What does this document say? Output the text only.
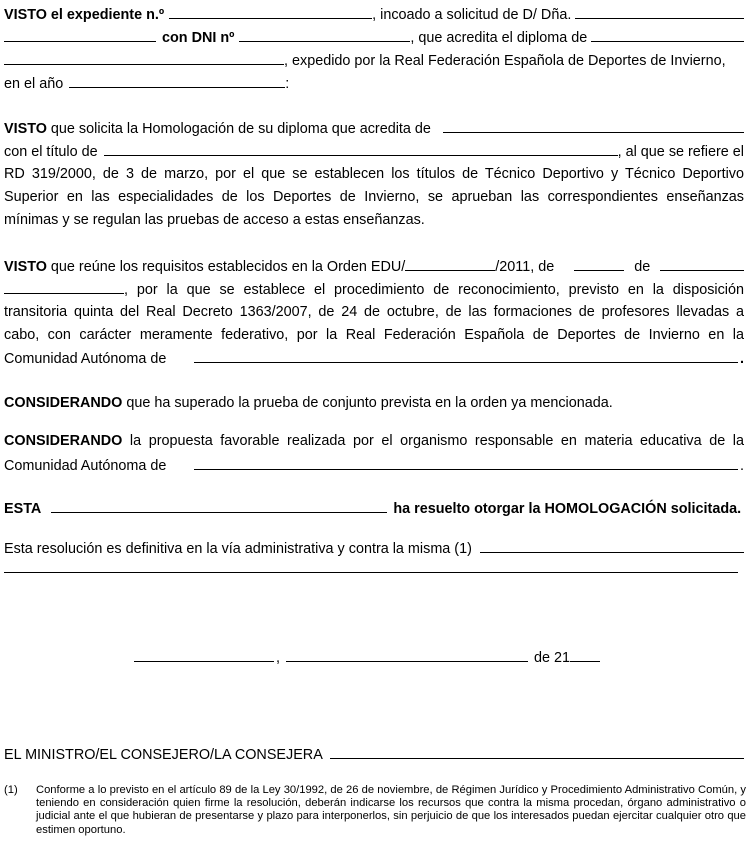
VISTO el expediente n.º	, incoado a solicitud de D/ Dña.
con DNI nº	, que acredita el diploma de
, expedido por la Real Federación Española de Deportes de Invierno,
en el año	:
VISTO que solicita la Homologación de su diploma que acredita de
con el título de	, al que se refiere el
RD 319/2000, de 3 de marzo, por el que se establecen los títulos de Técnico Deportivo y Técnico Deportivo
Superior en las especialidades de los Deportes de Invierno, se aprueban las correspondientes enseñanzas
mínimas y se regulan las pruebas de acceso a estas enseñanzas.
VISTO que reúne los requisitos establecidos en la Orden EDU/	/2011, de	de
, por la que se establece el procedimiento de reconocimiento, previsto en la disposición
transitoria quinta del Real Decreto 1363/2007, de 24 de octubre, de las formaciones de profesores llevadas a
cabo, con carácter meramente federativo, por la Real Federación Española de Deportes de Invierno en la
Comunidad Autónoma de	.
CONSIDERANDO que ha superado la prueba de conjunto prevista en la orden ya mencionada.
CONSIDERANDO la propuesta favorable realizada por el organismo responsable en materia educativa de la
Comunidad Autónoma de	.
ESTA	ha resuelto otorgar la HOMOLOGACIÓN solicitada.
Esta resolución es definitiva en la vía administrativa y contra la misma (1)
,	de 21
EL MINISTRO/EL CONSEJERO/LA CONSEJERA
(1) Conforme a lo previsto en el artículo 89 de la Ley 30/1992, de 26 de noviembre, de Régimen Jurídico y Procedimiento Administrativo Común, y teniendo en consideración quien firme la resolución, deberán indicarse los recursos que contra la misma procedan, órgano administrativo o judicial ante el que hubieran de presentarse y plazo para interponerlos, sin perjuicio de que los interesados puedan ejercitar cualquier otro que estimen oportuno.
